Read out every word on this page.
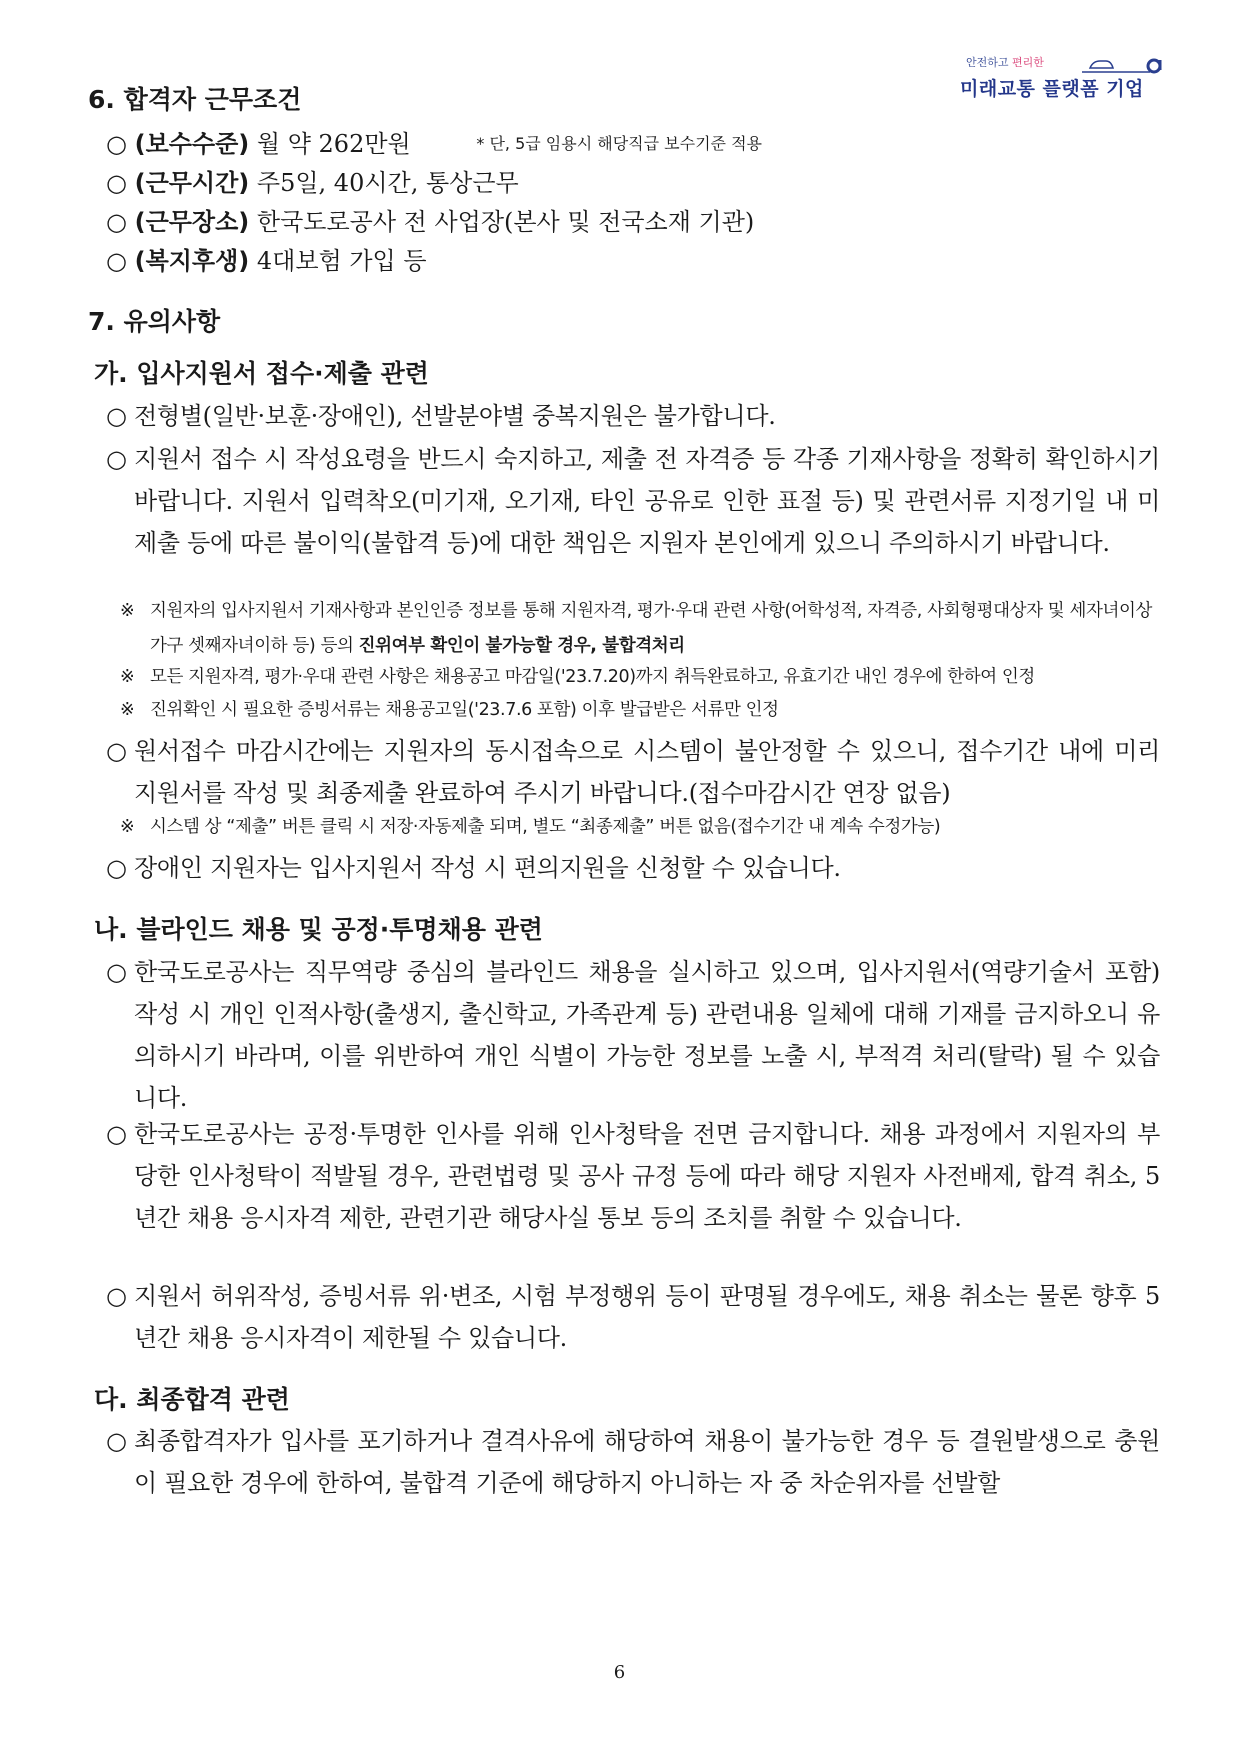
안전하고 편리한
미래교통 플랫폼 기업
6. 합격자 근무조건
○ (보수수준) 월 약 262만원	* 단, 5급 임용시 해당직급 보수기준 적용
○ (근무시간) 주5일, 40시간, 통상근무
○ (근무장소) 한국도로공사 전 사업장(본사 및 전국소재 기관)
○ (복지후생) 4대보험 가입 등
7. 유의사항
가. 입사지원서 접수·제출 관련
○ 전형별(일반·보훈·장애인), 선발분야별 중복지원은 불가합니다.
○ 지원서 접수 시 작성요령을 반드시 숙지하고, 제출 전 자격증 등 각종 기재사항을 정확히 확인하시기 바랍니다. 지원서 입력착오(미기재, 오기재, 타인 공유로 인한 표절 등) 및 관련서류 지정기일 내 미제출 등에 따른 불이익(불합격 등)에 대한 책임은 지원자 본인에게 있으니 주의하시기 바랍니다.
※ 지원자의 입사지원서 기재사항과 본인인증 정보를 통해 지원자격, 평가·우대 관련 사항(어학성적, 자격증, 사회형평대상자 및 세자녀이상 가구 셋째자녀이하 등) 등의 진위여부 확인이 불가능할 경우, 불합격처리
※ 모든 지원자격, 평가·우대 관련 사항은 채용공고 마감일('23.7.20)까지 취득완료하고, 유효기간 내인 경우에 한하여 인정
※ 진위확인 시 필요한 증빙서류는 채용공고일('23.7.6 포함) 이후 발급받은 서류만 인정
○ 원서접수 마감시간에는 지원자의 동시접속으로 시스템이 불안정할 수 있으니, 접수기간 내에 미리 지원서를 작성 및 최종제출 완료하여 주시기 바랍니다.(접수마감시간 연장 없음)
※ 시스템 상 “제출” 버튼 클릭 시 저장·자동제출 되며, 별도 “최종제출” 버튼 없음(접수기간 내 계속 수정가능)
○ 장애인 지원자는 입사지원서 작성 시 편의지원을 신청할 수 있습니다.
나. 블라인드 채용 및 공정·투명채용 관련
○ 한국도로공사는 직무역량 중심의 블라인드 채용을 실시하고 있으며, 입사지원서(역량기술서 포함) 작성 시 개인 인적사항(출생지, 출신학교, 가족관계 등) 관련내용 일체에 대해 기재를 금지하오니 유의하시기 바라며, 이를 위반하여 개인 식별이 가능한 정보를 노출 시, 부적격 처리(탈락) 될 수 있습니다.
○ 한국도로공사는 공정·투명한 인사를 위해 인사청탁을 전면 금지합니다. 채용 과정에서 지원자의 부당한 인사청탁이 적발될 경우, 관련법령 및 공사 규정 등에 따라 해당 지원자 사전배제, 합격 취소, 5년간 채용 응시자격 제한, 관련기관 해당사실 통보 등의 조치를 취할 수 있습니다.
○ 지원서 허위작성, 증빙서류 위·변조, 시험 부정행위 등이 판명될 경우에도, 채용 취소는 물론 향후 5년간 채용 응시자격이 제한될 수 있습니다.
다. 최종합격 관련
○ 최종합격자가 입사를 포기하거나 결격사유에 해당하여 채용이 불가능한 경우 등 결원발생으로 충원이 필요한 경우에 한하여, 불합격 기준에 해당하지 아니하는 자 중 차순위자를 선발할
6
